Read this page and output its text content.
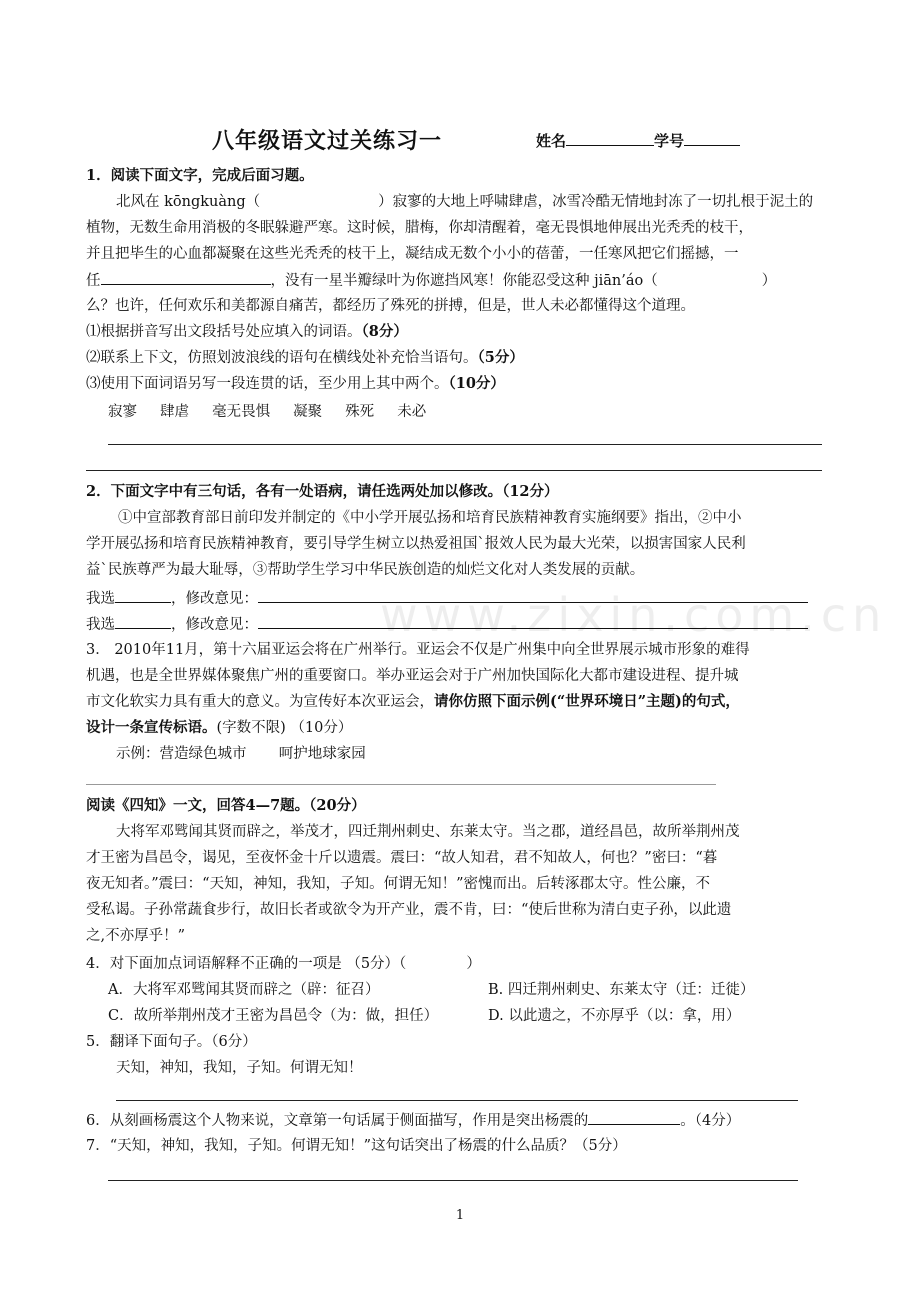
www.zixin.com.cn
八年级语文过关练习一	姓名	学号
1．阅读下面文字，完成后面习题。
北风在 kōngkuàng（	）寂寥的大地上呼啸肆虐，冰雪冷酷无情地封冻了一切扎根于泥土的
植物，无数生命用消极的冬眠躲避严寒。这时候，腊梅，你却清醒着，毫无畏惧地伸展出光秃秃的枝干，
并且把毕生的心血都凝聚在这些光秃秃的枝干上，凝结成无数个小小的蓓蕾，一任寒风把它们摇撼，一
任	，没有一星半瓣绿叶为你遮挡风寒！你能忍受这种 jiān’áo（	）
么？也许，任何欢乐和美都源自痛苦，都经历了殊死的拼搏，但是，世人未必都懂得这个道理。
⑴根据拼音写出文段括号处应填入的词语。（8分）
⑵联系上下文，仿照划波浪线的语句在横线处补充恰当语句。（5分）
⑶使用下面词语另写一段连贯的话，至少用上其中两个。（10分）
寂寥 肆虐 毫无畏惧 凝聚 殊死 未必
2．下面文字中有三句话，各有一处语病，请任选两处加以修改。（12分）
①中宣部教育部日前印发并制定的《中小学开展弘扬和培育民族精神教育实施纲要》指出，②中小
学开展弘扬和培育民族精神教育，要引导学生树立以热爱祖国`报效人民为最大光荣，以损害国家人民利
益`民族尊严为最大耻辱，③帮助学生学习中华民族创造的灿烂文化对人类发展的贡献。
我选	，修改意见：
我选	，修改意见：
3． 2010年11月，第十六届亚运会将在广州举行。亚运会不仅是广州集中向全世界展示城市形象的难得
机遇，也是全世界媒体聚焦广州的重要窗口。举办亚运会对于广州加快国际化大都市建设进程、提升城
市文化软实力具有重大的意义。为宣传好本次亚运会，请你仿照下面示例(“世界环境日”主题)的句式，
设计一条宣传标语。(字数不限) （10分）
示例：营造绿色城市 呵护地球家园
阅读《四知》一文，回答4—7题。（20分）
大将军邓骘闻其贤而辟之，举茂才，四迁荆州刺史、东莱太守。当之郡，道经昌邑，故所举荆州茂
才王密为昌邑令，谒见，至夜怀金十斤以遗震。震曰：“故人知君，君不知故人，何也？”密曰：“暮
夜无知者。”震曰：“天知，神知，我知，子知。何谓无知！”密愧而出。后转涿郡太守。性公廉，不
受私谒。子孙常蔬食步行，故旧长者或欲令为开产业，震不肯，曰：“使后世称为清白吏子孙，以此遗
之,不亦厚乎！”
4．对下面加点词语解释不正确的一项是 （5分）（	）
A．大将军邓骘闻其贤而辟之（辟：征召）	B. 四迁荆州刺史、东莱太守（迁：迁徙）
C．故所举荆州茂才王密为昌邑令（为：做，担任）	D. 以此遗之，不亦厚乎（以：拿，用）
5．翻译下面句子。（6分）
天知，神知，我知，子知。何谓无知！
6．从刻画杨震这个人物来说，文章第一句话属于侧面描写，作用是突出杨震的	。（4分）
7．“天知，神知，我知，子知。何谓无知！”这句话突出了杨震的什么品质？（5分）
1
